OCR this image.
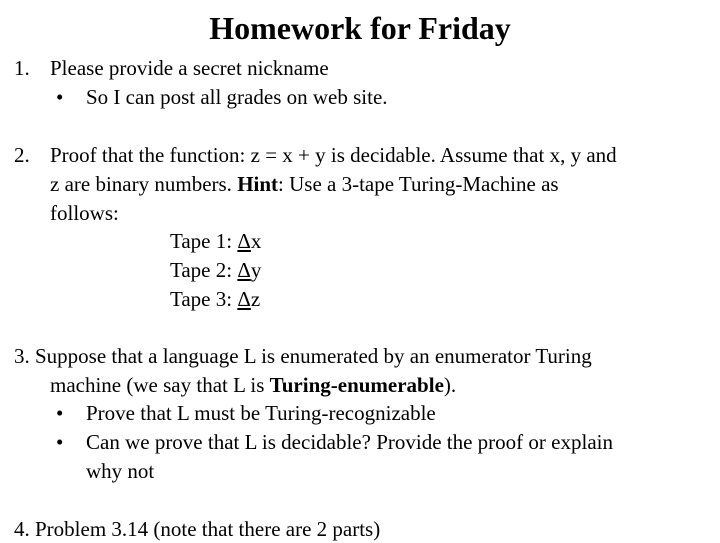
Homework for Friday
1. Please provide a secret nickname
• So I can post all grades on web site.
2. Proof that the function: z = x + y is decidable. Assume that x, y and
z are binary numbers. Hint: Use a 3-tape Turing-Machine as
follows:
Tape 1: Δx
Tape 2: Δy
Tape 3: Δz
3. Suppose that a language L is enumerated by an enumerator Turing
machine (we say that L is Turing-enumerable).
• Prove that L must be Turing-recognizable
• Can we prove that L is decidable? Provide the proof or explain
why not
4. Problem 3.14 (note that there are 2 parts)
